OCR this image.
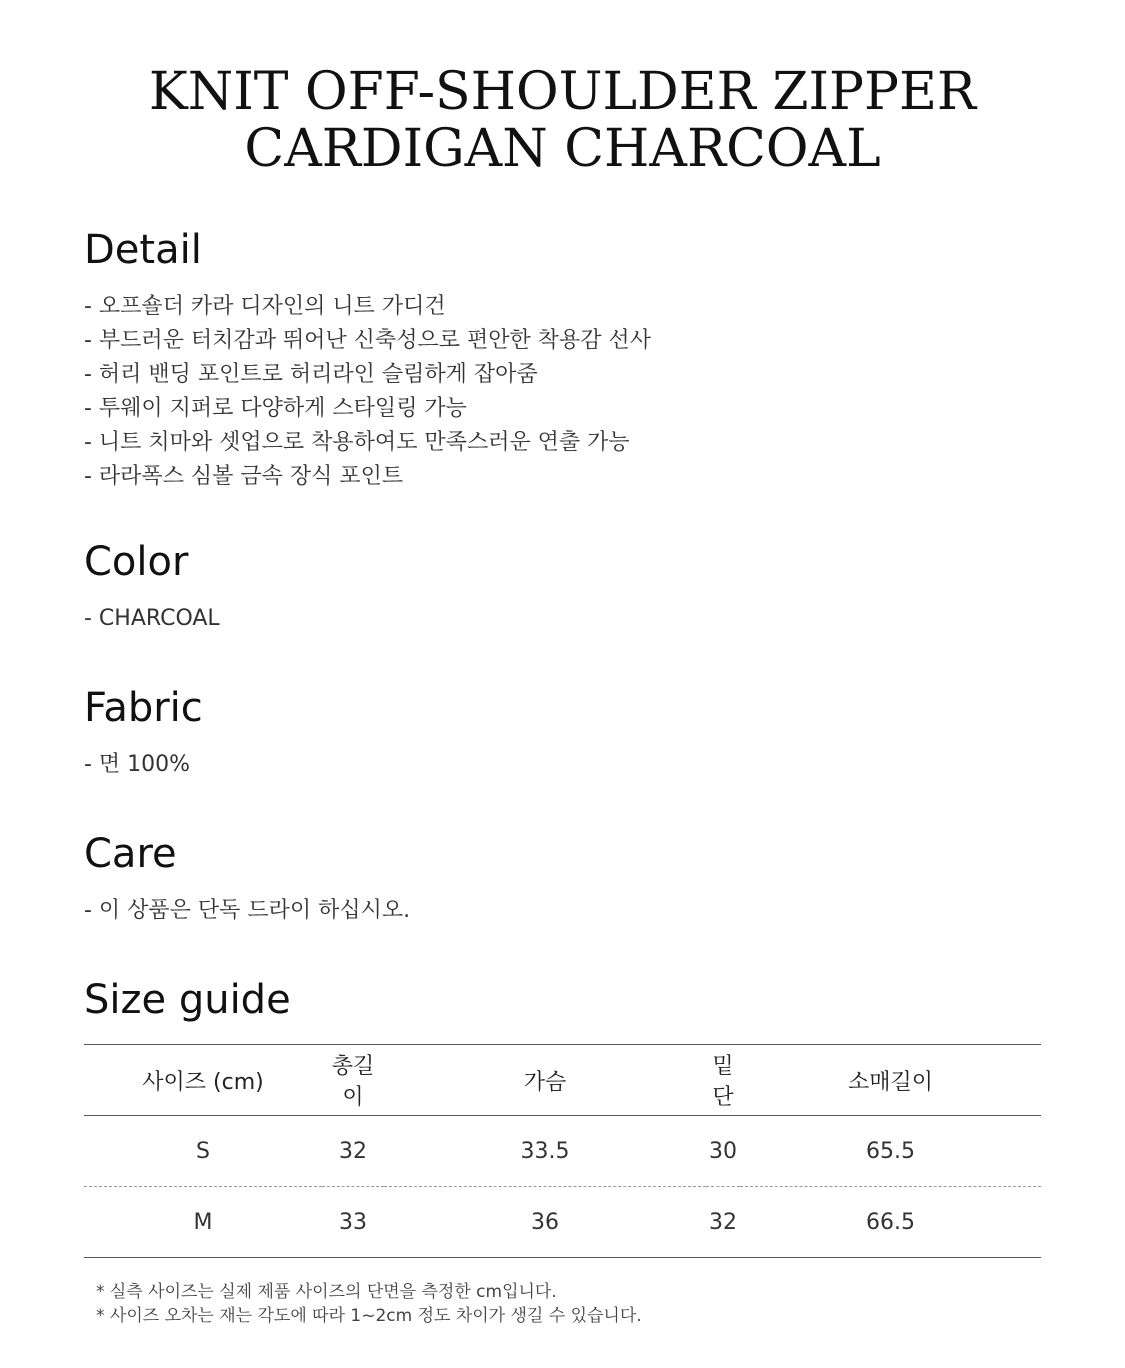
KNIT OFF-SHOULDER ZIPPER
CARDIGAN CHARCOAL
Detail
- 오프숄더 카라 디자인의 니트 가디건
- 부드러운 터치감과 뛰어난 신축성으로 편안한 착용감 선사
- 허리 밴딩 포인트로 허리라인 슬림하게 잡아줌
- 투웨이 지퍼로 다양하게 스타일링 가능
- 니트 치마와 셋업으로 착용하여도 만족스러운 연출 가능
- 라라폭스 심볼 금속 장식 포인트
Color
- CHARCOAL
Fabric
- 면 100%
Care
- 이 상품은 단독 드라이 하십시오.
Size guide
사이즈 (cm)	총길이	가슴	밑단	소매길이
S	32	33.5	30	65.5
M	33	36	32	66.5
* 실측 사이즈는 실제 제품 사이즈의 단면을 측정한 cm입니다.
* 사이즈 오차는 재는 각도에 따라 1~2cm 정도 차이가 생길 수 있습니다.
